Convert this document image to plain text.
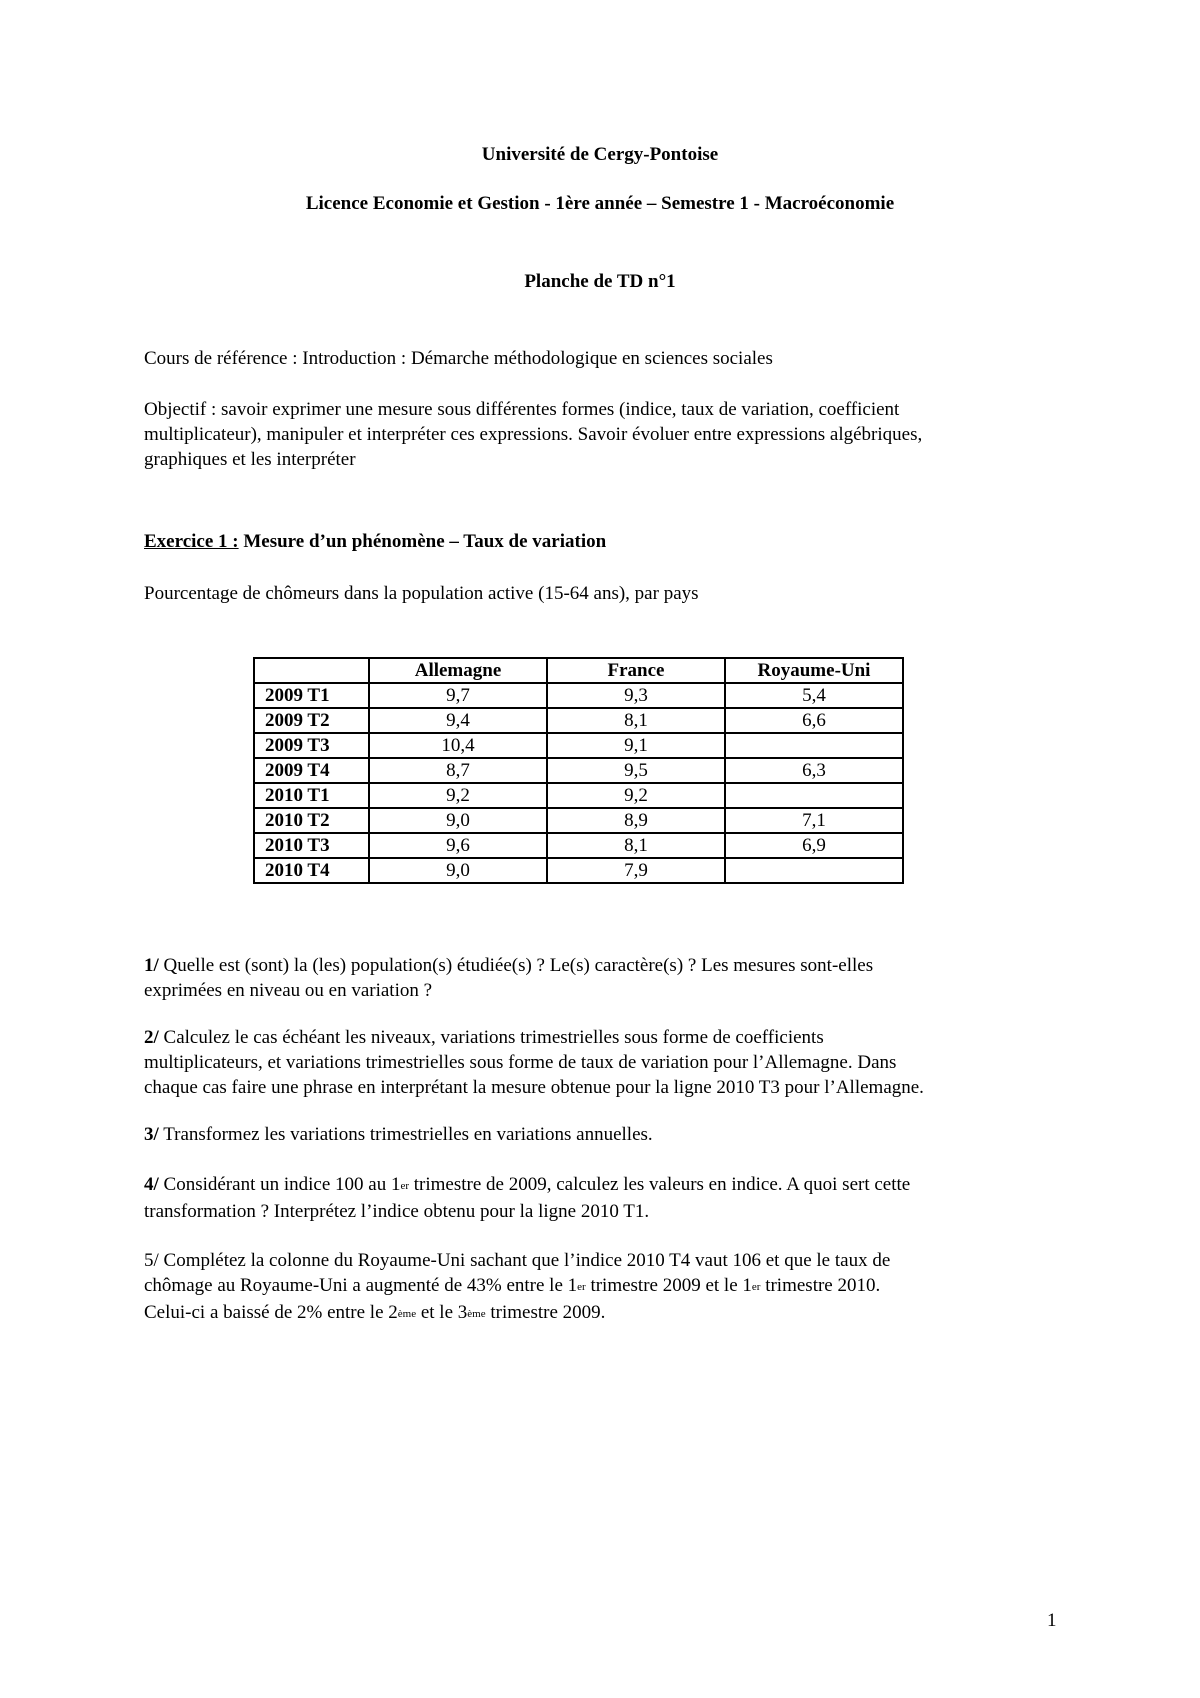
Université de Cergy-Pontoise
Licence Economie et Gestion - 1ère année – Semestre 1 - Macroéconomie
Planche de TD n°1

Cours de référence : Introduction : Démarche méthodologique en sciences sociales

Objectif : savoir exprimer une mesure sous différentes formes (indice, taux de variation, coefficient
multiplicateur), manipuler et interpréter ces expressions. Savoir évoluer entre expressions algébriques,
graphiques et les interpréter
Exercice 1 : Mesure d’un phénomène – Taux de variation

Pourcentage de chômeurs dans la population active (15-64 ans), par pays

	Allemagne	France	Royaume-Uni
2009 T1	9,7	9,3	5,4
2009 T2	9,4	8,1	6,6
2009 T3	10,4	9,1	
2009 T4	8,7	9,5	6,3
2010 T1	9,2	9,2	
2010 T2	9,0	8,9	7,1
2010 T3	9,6	8,1	6,9
2010 T4	9,0	7,9	
1/ Quelle est (sont) la (les) population(s) étudiée(s) ? Le(s) caractère(s) ? Les mesures sont-elles
exprimées en niveau ou en variation ?
2/ Calculez le cas échéant les niveaux, variations trimestrielles sous forme de coefficients
multiplicateurs, et variations trimestrielles sous forme de taux de variation pour l’Allemagne. Dans
chaque cas faire une phrase en interprétant la mesure obtenue pour la ligne 2010 T3 pour l’Allemagne.
3/ Transformez les variations trimestrielles en variations annuelles.
4/ Considérant un indice 100 au 1er trimestre de 2009, calculez les valeurs en indice. A quoi sert cette
transformation ? Interprétez l’indice obtenu pour la ligne 2010 T1.
5/ Complétez la colonne du Royaume-Uni sachant que l’indice 2010 T4 vaut 106 et que le taux de
chômage au Royaume-Uni a augmenté de 43% entre le 1er trimestre 2009 et le 1er trimestre 2010.
Celui-ci a baissé de 2% entre le 2ème et le 3ème trimestre 2009.
1
